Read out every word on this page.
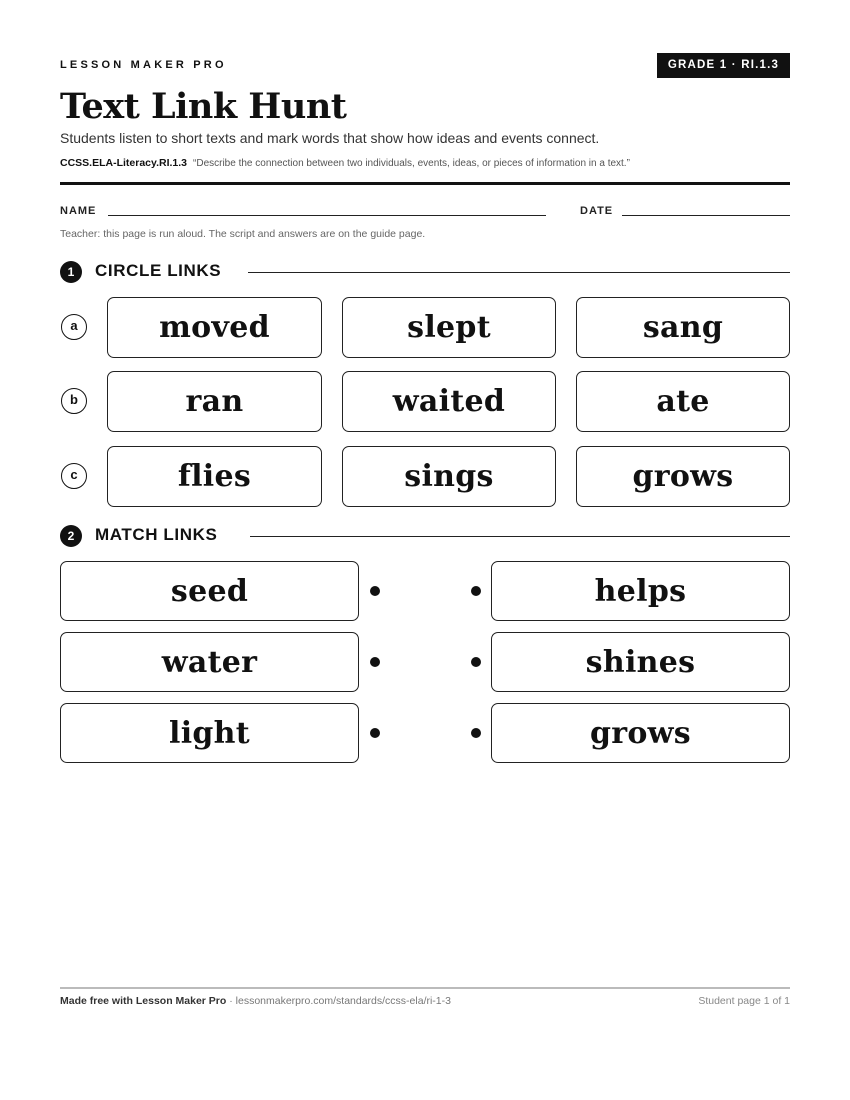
LESSON MAKER PRO	GRADE 1 · RI.1.3
Text Link Hunt
Students listen to short texts and mark words that show how ideas and events connect.
CCSS.ELA-Literacy.RI.1.3 “Describe the connection between two individuals, events, ideas, or pieces of information in a text.”
NAME	DATE
Teacher: this page is run aloud. The script and answers are on the guide page.
1	CIRCLE LINKS
a	moved	slept	sang
b	ran	waited	ate
c	flies	sings	grows
2	MATCH LINKS
seed	helps
water	shines
light	grows
Made free with Lesson Maker Pro · lessonmakerpro.com/standards/ccss-ela/ri-1-3	Student page 1 of 1
